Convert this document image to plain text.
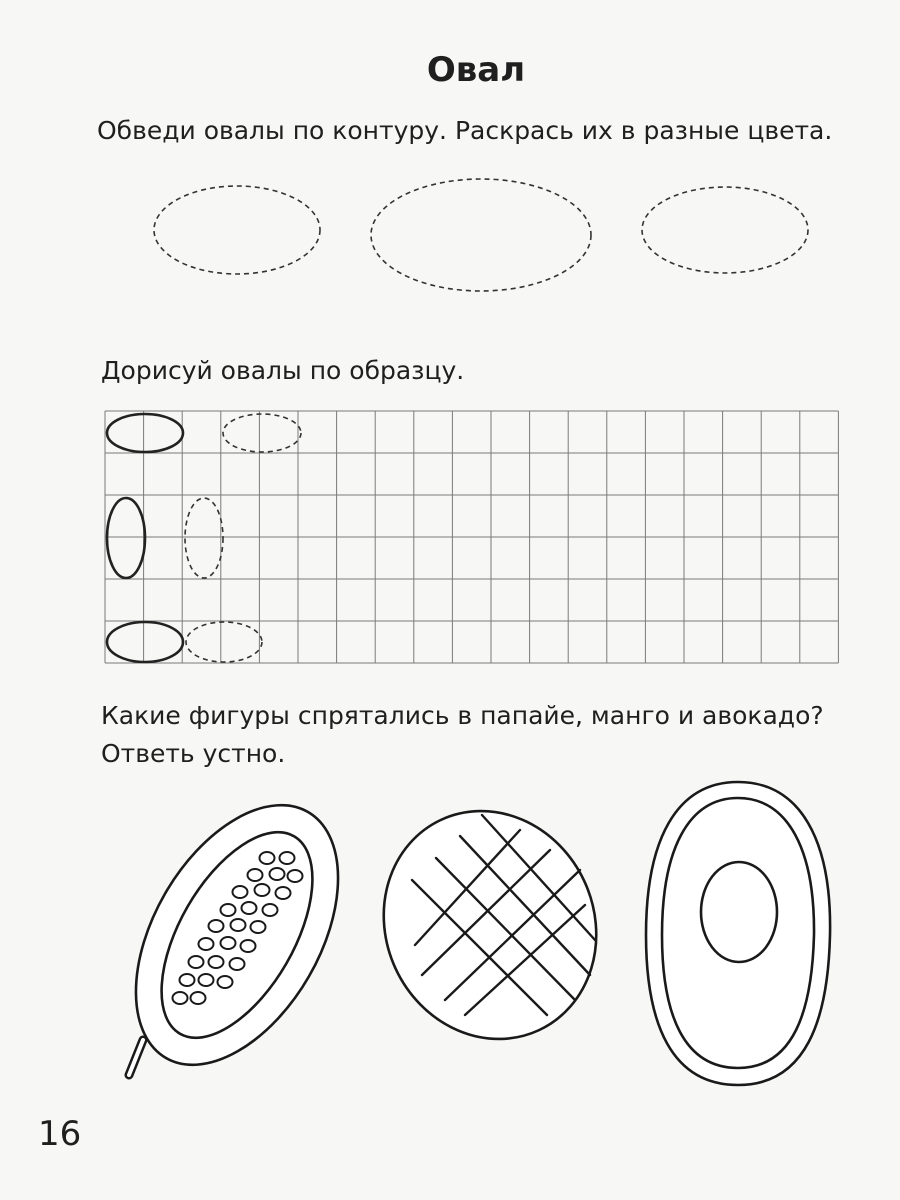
Овал
Обведи овалы по контуру. Раскрась их в разные цвета.
Дорисуй овалы по образцу.
Какие фигуры спрятались в папайе, манго и авокадо?
Ответь устно.
16
